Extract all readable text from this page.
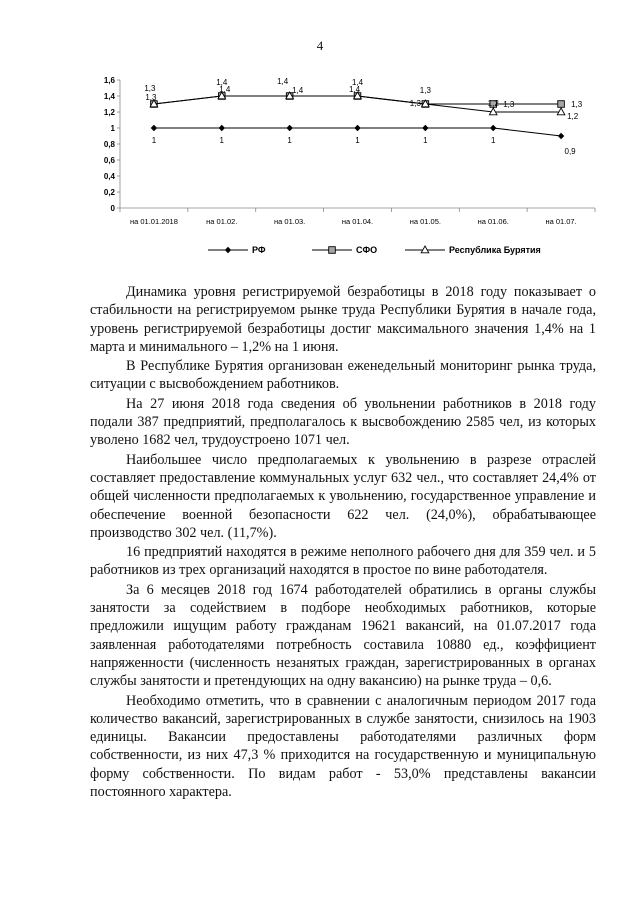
4
0
0,2
0,4
0,6
0,8
1
1,2
1,4
1,6
на 01.01.2018	на 01.02.	на 01.03.	на 01.04.	на 01.05.	на 01.06.	на 01.07.
1	1	1	1	1	1
0,9
1,3
1,4	1,4	1,4
1,3
1,3	1,3
1,3
1,4	1,4	1,4
1,3	1,2
1,2
РФ	СФО	Республика Бурятия

Динамика уровня регистрируемой безработицы в 2018 году показывает о стабильности на регистрируемом рынке труда Республики Бурятия в начале года, уровень регистрируемой безработицы достиг максимального значения 1,4% на 1 марта и минимального – 1,2% на 1 июня.

В Республике Бурятия организован еженедельный мониторинг рынка труда, ситуации с высвобождением работников.

На 27 июня 2018 года сведения об увольнении работников в 2018 году подали 387 предприятий, предполагалось к высвобождению 2585 чел, из которых уволено 1682 чел, трудоустроено 1071 чел.

Наибольшее число предполагаемых к увольнению в разрезе отраслей составляет предоставление коммунальных услуг 632 чел., что составляет 24,4% от общей численности предполагаемых к увольнению, государственное управление и обеспечение военной безопасности 622 чел. (24,0%), обрабатывающее производство 302 чел. (11,7%).

16 предприятий находятся в режиме неполного рабочего дня для 359 чел. и 5 работников из трех организаций находятся в простое по вине работодателя.

За 6 месяцев 2018 год 1674 работодателей обратились в органы службы занятости за содействием в подборе необходимых работников, которые предложили ищущим работу гражданам 19621 вакансий, на 01.07.2017 года заявленная работодателями потребность составила 10880 ед., коэффициент напряженности (численность незанятых граждан, зарегистрированных в органах службы занятости и претендующих на одну вакансию) на рынке труда – 0,6.

Необходимо отметить, что в сравнении с аналогичным периодом 2017 года количество вакансий, зарегистрированных в службе занятости, снизилось на 1903 единицы. Вакансии предоставлены работодателями различных форм собственности, из них 47,3 % приходится на государственную и муниципальную форму собственности. По видам работ - 53,0% представлены вакансии постоянного характера.
